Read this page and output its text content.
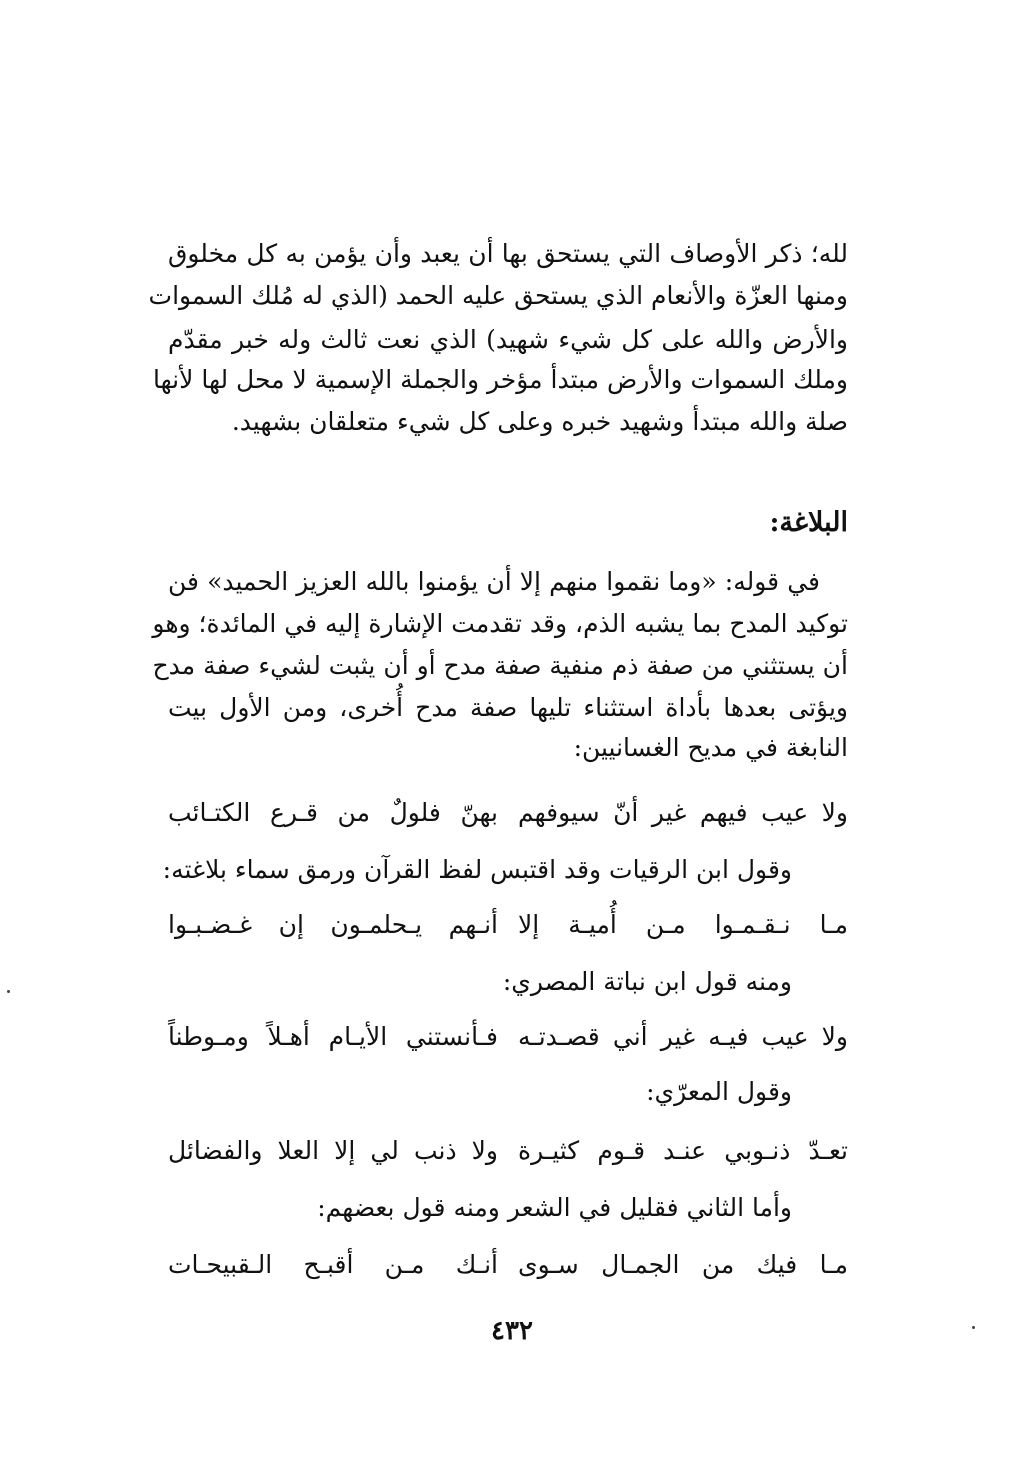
لله؛ ذكر الأوصاف التي يستحق بها أن يعبد وأن يؤمن به كل مخلوق
ومنها العزّة والأنعام الذي يستحق عليه الحمد (الذي له مُلك السموات
والأرض والله على كل شيء شهيد) الذي نعت ثالث وله خبر مقدّم
وملك السموات والأرض مبتدأ مؤخر والجملة الإسمية لا محل لها لأنها
صلة والله مبتدأ وشهيد خبره وعلى كل شيء متعلقان بشهيد.
البلاغة:
في قوله: «وما نقموا منهم إلا أن يؤمنوا بالله العزيز الحميد» فن
توكيد المدح بما يشبه الذم، وقد تقدمت الإشارة إليه في المائدة؛ وهو
أن يستثني من صفة ذم منفية صفة مدح أو أن يثبت لشيء صفة مدح
ويؤتى بعدها بأداة استثناء تليها صفة مدح أُخرى، ومن الأول بيت
النابغة في مديح الغسانيين:
ولا عيب فيهم غير أنّ سيوفهم
بهنّ فلولٌ من قـرع الكتـائب
وقول ابن الرقيات وقد اقتبس لفظ القرآن ورمق سماء بلاغته:
مـا نـقـمـوا مـن أُميـة إلا
أنـهم يـحلمـون إن غـضـبـوا
ومنه قول ابن نباتة المصري:
ولا عيب فيـه غير أني قصـدتـه
فـأنستني الأيـام أهـلاً ومـوطناً
وقول المعرّي:
تعـدّ ذنـوبي عنـد قـوم كثيـرة
ولا ذنب لي إلا العلا والفضائل
وأما الثاني فقليل في الشعر ومنه قول بعضهم:
مـا فيك من الجمـال سـوى
أنـك مـن أقبـح الـقبيحـات
٤٣٢
